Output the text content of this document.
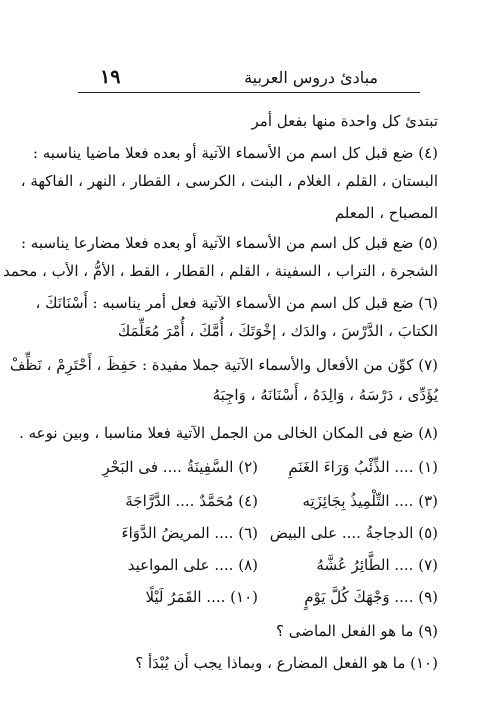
مبادئ دروس العربية
١٩
تبتدئ كل واحدة منها بفعل أمر
(٤) ضع قبل كل اسم من الأسماء الآتية أو بعده فعلا ماضيا يناسبه :
البستان ، القلم ، الغلام ، البنت ، الكرسى ، القطار ، النهر ، الفاكهة ،
المصباح ، المعلم
(٥) ضع قبل كل اسم من الأسماء الآتية أو بعده فعلا مضارعا يناسبه :
الشجرة ، التراب ، السفينة ، القلم ، القطار ، القط ، الأمُّ ، الأب ، محمد
(٦) ضع قبل كل اسم من الأسماء الآتية فعل أمر يناسبه : أَسْنَانَكَ ،
الكتابَ ، الدَّرْسَ ، والدَك ، إخْوَتَكَ ، أُمَّكَ ، أُمْرَ مُعَلِّمَكَ
(٧) كوِّن من الأفعال والأسماء الآتية جملا مفيدة : حَفِظَ ، أَحْتَرِمْ ، نَظِّفْ
يُؤَدِّى ، دَرْسَهُ ، وَالِدَهُ ، أَسْنَانَهُ ، وَاجِبَهُ
(٨) ضع فى المكان الخالى من الجمل الآتية فعلا مناسبا ، وبين نوعه .
(١) .... الذِّئْبُ وَرَاءَ الغَنَمِ
(٢) السَّفِينَةُ .... فى البَحْرِ
(٣) .... التِّلْمِيذُ بِجَائِزَتِه
(٤) مُحَمَّدٌ .... الدَّرَّاجَةَ
(٥) الدجاجةُ .... على البيض
(٦) .... المريضُ الدَّوَاءَ
(٧) .... الطَّائِرُ عُشَّهُ
(٨) .... على المواعيد
(٩) .... وَجْهَكَ كُلَّ يَوْمٍ
(١٠) .... القَمَرُ لَيْلًا
(٩) ما هو الفعل الماضى ؟
(١٠) ما هو الفعل المضارع ، وبماذا يجب أن يُبْدَأ ؟
